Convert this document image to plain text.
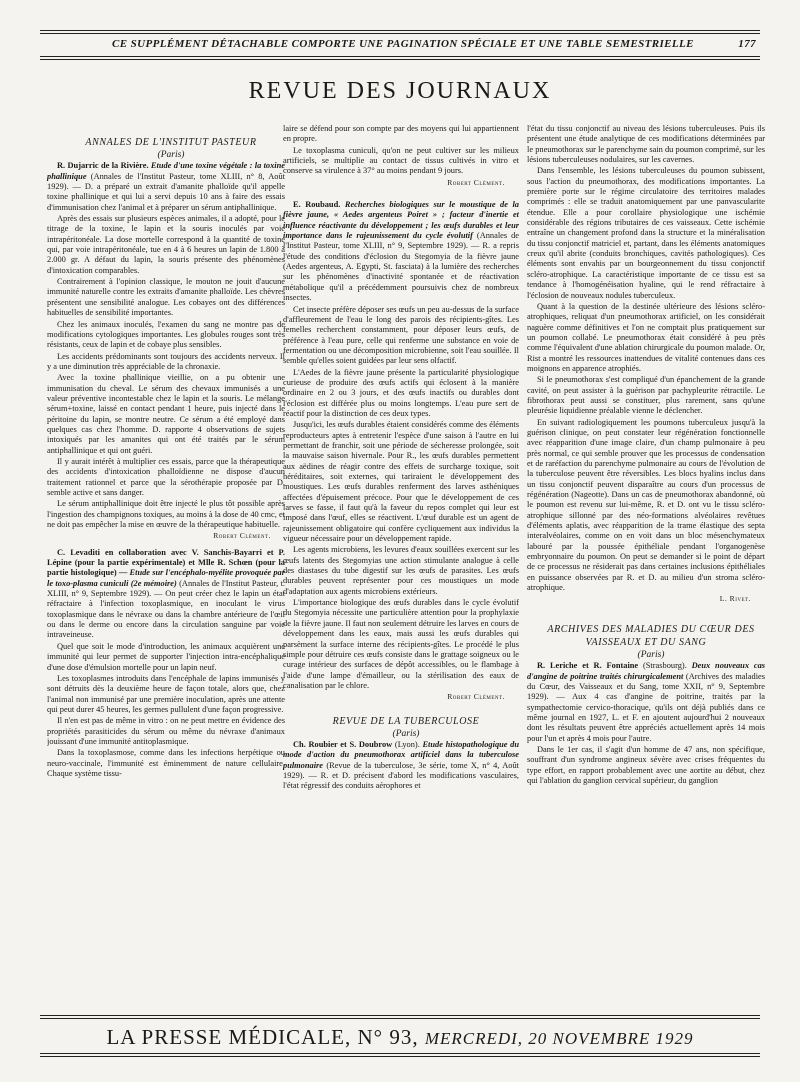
CE SUPPLÉMENT DÉTACHABLE COMPORTE UNE PAGINATION SPÉCIALE ET UNE TABLE SEMESTRIELLE	177
REVUE DES JOURNAUX

ANNALES DE L'INSTITUT PASTEUR

(Paris)

R. Dujarric de la Rivière. Etude d'une toxine végétale : la toxine phallinique (Annales de l'Institut Pasteur, tome XLIII, n° 8, Août 1929). — D. a préparé un extrait d'amanite phalloïde qu'il appelle toxine phallinique et qui lui a servi depuis 10 ans à faire des essais d'immunisation chez l'animal et à préparer un sérum antiphallinique.

Après des essais sur plusieurs espèces animales, il a adopté, pour le titrage de la toxine, le lapin et la souris inoculés par voie intrapéritonéale. La dose mortelle correspond à la quantité de toxine qui, par voie intrapéritonéale, tue en 4 à 6 heures un lapin de 1.800 à 2.000 gr. A défaut du lapin, la souris présente des phénomènes d'intoxication comparables.

Contrairement à l'opinion classique, le mouton ne jouit d'aucune immunité naturelle contre les extraits d'amanite phalloïde. Les chèvres présentent une sensibilité analogue. Les cobayes ont des différences habituelles de sensibilité importantes.

Chez les animaux inoculés, l'examen du sang ne montre pas de modifications cytologiques importantes. Les globules rouges sont très résistants, ceux de lapin et de cobaye plus sensibles.

Les accidents prédominants sont toujours des accidents nerveux. Il y a une diminution très appréciable de la chronaxie.

Avec la toxine phallinique vieillie, on a pu obtenir une immunisation du cheval. Le sérum des chevaux immunisés a une valeur préventive incontestable chez le lapin et la souris. Le mélange sérum+toxine, laissé en contact pendant 1 heure, puis injecté dans le péritoine du lapin, se montre neutre. Ce sérum a été employé dans quelques cas chez l'homme. D. rapporte 4 observations de sujets intoxiqués par les amanites qui ont été traités par le sérum antiphallinique et qui ont guéri.

Il y aurait intérêt à multiplier ces essais, parce que la thérapeutique des accidents d'intoxication phalloïdienne ne dispose d'aucun traitement rationnel et parce que la sérothérapie proposée par D. semble active et sans danger.

Le sérum antiphallinique doit être injecté le plus tôt possible après l'ingestion des champignons toxiques, au moins à la dose de 40 cmc, et ne doit pas empêcher la mise en œuvre de la thérapeutique habituelle.

Robert Clément.

C. Levaditi en collaboration avec V. Sanchis-Bayarri et P. Lépine (pour la partie expérimentale) et Mlle R. Schœn (pour la partie histologique) — Etude sur l'encéphalo-myélite provoquée par le toxo-plasma cuniculi (2e mémoire) (Annales de l'Institut Pasteur, t. XLIII, n° 9, Septembre 1929). — On peut créer chez le lapin un état réfractaire à l'infection toxoplasmique, en inoculant le virus toxoplasmique dans le névraxe ou dans la chambre antérieure de l'œil ou dans le derme ou encore dans la circulation sanguine par voie intraveineuse.

Quel que soit le mode d'introduction, les animaux acquièrent une immunité qui leur permet de supporter l'injection intra-encéphalique d'une dose d'émulsion mortelle pour un lapin neuf.

Les toxoplasmes introduits dans l'encéphale de lapins immunisés y sont détruits dès la deuxième heure de façon totale, alors que, chez l'animal non immunisé par une première inoculation, après une attente qui peut durer 45 heures, les germes pullulent d'une façon progressive.

Il n'en est pas de même in vitro : on ne peut mettre en évidence des propriétés parasiticides du sérum ou même du névraxe d'animaux jouissant d'une immunité antitoplasmique.

Dans la toxoplasmose, comme dans les infections herpétique ou neuro-vaccinale, l'immunité est éminemment de nature cellulaire. Chaque système tissu-

laire se défend pour son compte par des moyens qui lui appartiennent en propre.

Le toxoplasma cuniculi, qu'on ne peut cultiver sur les milieux artificiels, se multiplie au contact de tissus cultivés in vitro et conserve sa virulence à 37° au moins pendant 9 jours.

Robert Clément.

E. Roubaud. Recherches biologiques sur le moustique de la fièvre jaune, « Aedes argenteus Poiret » ; facteur d'inertie et influence réactivante du développement ; les œufs durables et leur importance dans le rajeunissement du cycle évolutif (Annales de l'Institut Pasteur, tome XLIII, n° 9, Septembre 1929). — R. a repris l'étude des conditions d'éclosion du Stegomyia de la fièvre jaune (Aedes argenteus, A. Egypti, St. fasciata) à la lumière des recherches sur les phénomènes d'inactivité spontanée et de réactivation métabolique qu'il a précédemment poursuivis chez de nombreux insectes.

Cet insecte préfère déposer ses œufs un peu au-dessus de la surface d'affleurement de l'eau le long des parois des récipients-gîtes. Les femelles recherchent constamment, pour déposer leurs œufs, de préférence à l'eau pure, celle qui renferme une substance en voie de fermentation ou une décomposition microbienne, soit l'eau souillée. Il semble qu'elles soient guidées par leur sens olfactif.

L'Aedes de la fièvre jaune présente la particularité physiologique curieuse de produire des œufs actifs qui éclosent à la manière ordinaire en 2 ou 3 jours, et des œufs inactifs ou durables dont l'éclosion est différée plus ou moins longtemps. L'eau pure sert de réactif pour la distinction de ces deux types.

Jusqu'ici, les œufs durables étaient considérés comme des éléments reproducteurs aptes à entretenir l'espèce d'une saison à l'autre en lui permettant de franchir, soit une période de sécheresse prolongée, soit la mauvaise saison hivernale. Pour R., les œufs durables permettent aux aëdines de réagir contre des effets de surcharge toxique, soit héréditaires, soit externes, qui tariraient le développement des moustiques. Les œufs durables renferment des larves asthéniques affectées d'épuisement précoce. Pour que le développement de ces larves se fasse, il faut qu'à la faveur du repos complet qui leur est imposé dans l'œuf, elles se réactivent. L'œuf durable est un agent de rajeunissement obligatoire qui confère cycliquement aux individus la vigueur nécessaire pour un développement rapide.

Les agents microbiens, les levures d'eaux souillées exercent sur les œufs latents des Stegomyias une action stimulante analogue à celle des diastases du tube digestif sur les œufs de parasites. Les œufs durables peuvent représenter pour ces moustiques un mode d'adaptation aux agents microbiens extérieurs.

L'importance biologique des œufs durables dans le cycle évolutif du Stegomyia nécessite une particulière attention pour la prophylaxie de la fièvre jaune. Il faut non seulement détruire les larves en cours de développement dans les eaux, mais aussi les œufs durables qui parsèment la surface interne des récipients-gîtes. Le procédé le plus simple pour détruire ces œufs consiste dans le grattage soigneux ou le curage intérieur des surfaces de dépôt accessibles, ou le flambage à l'aide d'une lampe d'émailleur, ou la stérilisation des eaux de canalisation par le chlore.

Robert Clément.

REVUE DE LA TUBERCULOSE

(Paris)

Ch. Roubier et S. Doubrow (Lyon). Etude histopathologique du mode d'action du pneumothorax artificiel dans la tuberculose pulmonaire (Revue de la tuberculose, 3e série, tome X, n° 4, Août 1929). — R. et D. précisent d'abord les modifications vasculaires, l'état régressif des conduits aérophores et

l'état du tissu conjonctif au niveau des lésions tuberculeuses. Puis ils présentent une étude analytique de ces modifications déterminées par le pneumothorax sur le parenchyme sain du poumon comprimé, sur les lésions tuberculeuses nodulaires, sur les cavernes.

Dans l'ensemble, les lésions tuberculeuses du poumon subissent, sous l'action du pneumothorax, des modifications importantes. La première porte sur le régime circulatoire des territoires malades comprimés : elle se traduit anatomiquement par une panvascularite étendue. Elle a pour corollaire physiologique une ischémie considérable des régions tributaires de ces vaisseaux. Cette ischémie entraîne un changement profond dans la structure et la minéralisation du tissu conjonctif matriciel et, partant, dans les éléments anatomiques creux qu'il abrite (conduits bronchiques, cavités pathologiques). Ces éléments sont envahis par un bourgeonnement du tissu conjonctif scléro-atrophique. La caractéristique importante de ce tissu est sa tendance à l'homogénéisation hyaline, qui le rend réfractaire à l'éclosion de nouveaux nodules tuberculeux.

Quant à la question de la destinée ultérieure des lésions scléro-atrophiques, reliquat d'un pneumothorax artificiel, on les considérait naguère comme définitives et l'on ne comptait plus pratiquement sur un poumon collabé. Le pneumothorax était considéré à peu près comme l'équivalent d'une ablation chirurgicale du poumon malade. Or, Rist a montré les ressources inattendues de vitalité contenues dans ces moignons en apparence atrophiés.

Si le pneumothorax s'est compliqué d'un épanchement de la grande cavité, on peut assister à la guérison par pachypleurite rétractile. Le fibrothorax peut aussi se constituer, plus rarement, sans qu'une pleurésie liquidienne préalable vienne le déclencher.

En suivant radiologiquement les poumons tuberculeux jusqu'à la guérison clinique, on peut constater leur régénération fonctionnelle avec réapparition d'une image claire, d'un champ pulmonaire à peu près normal, ce qui semble prouver que les processus de condensation et de raréfaction du parenchyme pulmonaire au cours de l'évolution de la tuberculose peuvent être réversibles. Les blocs hyalins inclus dans un tissu conjonctif peuvent disparaître au cours d'un processus de régénération (Nageotte). Dans un cas de pneumothorax abandonné, où le poumon est revenu sur lui-même, R. et D. ont vu le tissu scléro-atrophique sillonné par des néo-formations alvéolaires revêtues d'éléments aplatis, avec réapparition de la trame élastique des septa interalvéolaires, comme on en voit dans un bloc mésenchymateux labouré par la poussée épithéliale pendant l'organogenèse embryonnaire du poumon. On peut se demander si le point de départ de ce processus ne résiderait pas dans certaines inclusions épithéliales en puissance observées par R. et D. au milieu d'un stroma scléro-atrophique.

L. Rivet.

ARCHIVES DES MALADIES DU CŒUR DES VAISSEAUX ET DU SANG

(Paris)

R. Leriche et R. Fontaine (Strasbourg). Deux nouveaux cas d'angine de poitrine traités chirurgicalement (Archives des maladies du Cœur, des Vaisseaux et du Sang, tome XXII, n° 9, Septembre 1929). — Aux 4 cas d'angine de poitrine, traités par la sympathectomie cervico-thoracique, qu'ils ont déjà publiés dans ce même journal en 1927, L. et F. en ajoutent aujourd'hui 2 nouveaux dont les résultats peuvent être appréciés actuellement après 14 mois pour l'un et après 4 mois pour l'autre.

Dans le 1er cas, il s'agit d'un homme de 47 ans, non spécifique, souffrant d'un syndrome angineux sévère avec crises fréquentes du type effort, en rapport probablement avec une aortite au début, chez qui l'ablation du ganglion cervical supérieur, du ganglion

LA PRESSE MÉDICALE, N° 93, MERCREDI, 20 NOVEMBRE 1929
